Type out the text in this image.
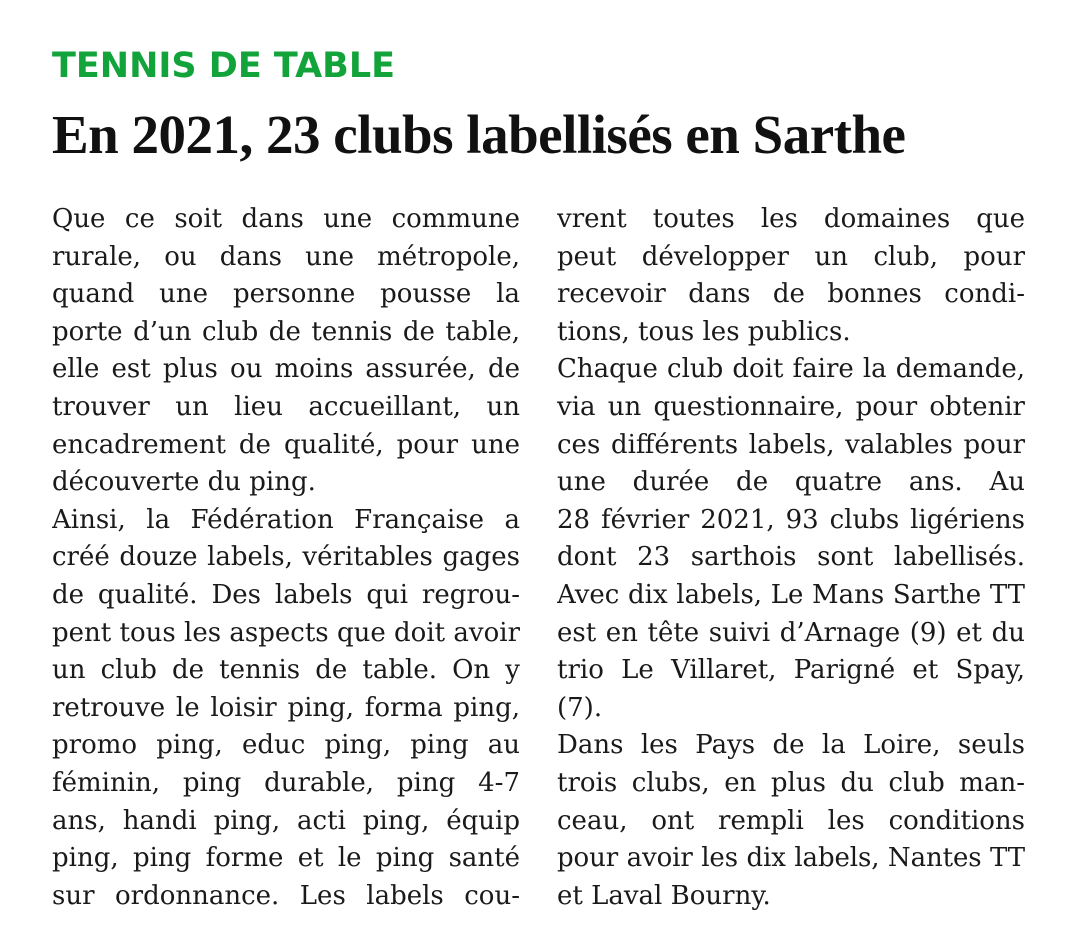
TENNIS DE TABLE
En 2021, 23 clubs labellisés en Sarthe
Que ce soit dans une commune
rurale, ou dans une métropole,
quand une personne pousse la
porte d’un club de tennis de table,
elle est plus ou moins assurée, de
trouver un lieu accueillant, un
encadrement de qualité, pour une
découverte du ping.
Ainsi, la Fédération Française a
créé douze labels, véritables gages
de qualité. Des labels qui regrou-
pent tous les aspects que doit avoir
un club de tennis de table. On y
retrouve le loisir ping, forma ping,
promo ping, educ ping, ping au
féminin, ping durable, ping 4-7
ans, handi ping, acti ping, équip
ping, ping forme et le ping santé
sur ordonnance. Les labels cou-
vrent toutes les domaines que
peut développer un club, pour
recevoir dans de bonnes condi-
tions, tous les publics.
Chaque club doit faire la demande,
via un questionnaire, pour obtenir
ces différents labels, valables pour
une durée de quatre ans. Au
28 février 2021, 93 clubs ligériens
dont 23 sarthois sont labellisés.
Avec dix labels, Le Mans Sarthe TT
est en tête suivi d’Arnage (9) et du
trio Le Villaret, Parigné et Spay,
(7).
Dans les Pays de la Loire, seuls
trois clubs, en plus du club man-
ceau, ont rempli les conditions
pour avoir les dix labels, Nantes TT
et Laval Bourny.
